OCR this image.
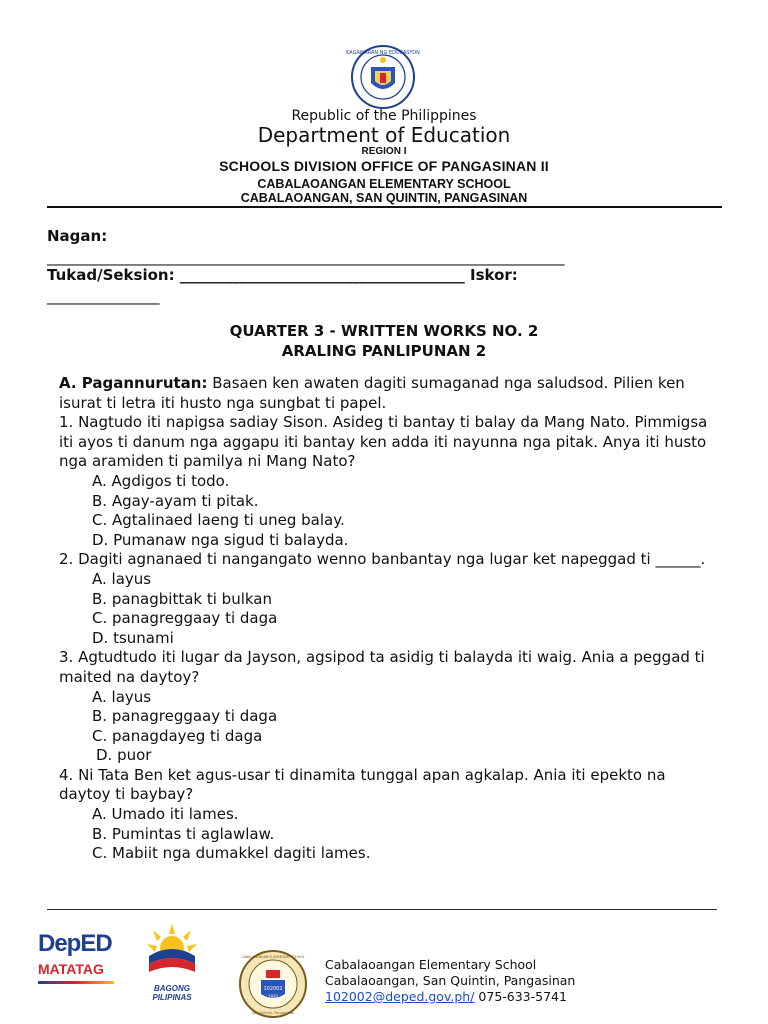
KAGAWARAN NG EDUKASYON
Republic of the Philippines
Department of Education
REGION I
SCHOOLS DIVISION OFFICE OF PANGASINAN II
CABALAOANGAN ELEMENTARY SCHOOL
CABALAOANGAN, SAN QUINTIN, PANGASINAN
Nagan:
_____________________________________________________________________
Tukad/Seksion: ______________________________________ Iskor:
_______________
QUARTER 3 - WRITTEN WORKS NO. 2
ARALING PANLIPUNAN 2

A. Pagannurutan: Basaen ken awaten dagiti sumaganad nga saludsod. Pilien ken isurat ti letra iti husto nga sungbat ti papel.

1. Nagtudo iti napigsa sadiay Sison. Asideg ti bantay ti balay da Mang Nato. Pimmigsa iti ayos ti danum nga aggapu iti bantay ken adda iti nayunna nga pitak. Anya iti husto nga aramiden ti pamilya ni Mang Nato?

A. Agdigos ti todo.

B. Agay-ayam ti pitak.

C. Agtalinaed laeng ti uneg balay.

D. Pumanaw nga sigud ti balayda.

2. Dagiti agnanaed ti nangangato wenno banbantay nga lugar ket napeggad ti ______.

A. layus

B. panagbittak ti bulkan

C. panagreggaay ti daga

D. tsunami

3. Agtudtudo iti lugar da Jayson, agsipod ta asidig ti balayda iti waig. Ania a peggad ti maited na daytoy?

A. layus

B. panagreggaay ti daga

C. panagdayeg ti daga

D. puor

4. Ni Tata Ben ket agus-usar ti dinamita tunggal apan agkalap. Ania iti epekto na daytoy ti baybay?

A. Umado iti lames.

B. Pumintas ti aglawlaw.

C. Mabiit nga dumakkel dagiti lames.

DepED
MATATAG
BAGONG PILIPINAS
102002
1920
CABALAOANGAN ELEMENTARY SCHOOL
San Quintin, Pangasinan
Cabalaoangan Elementary School
Cabalaoangan, San Quintin, Pangasinan
102002@deped.gov.ph/ 075-633-5741
